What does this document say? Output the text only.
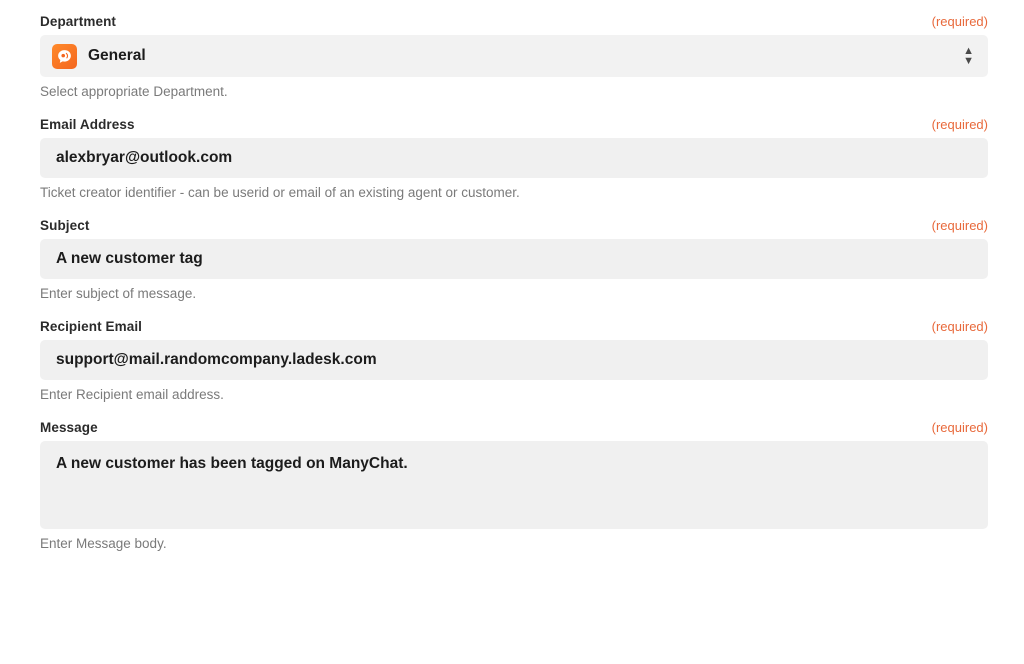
Department	(required)
General	▲
▼
Select appropriate Department.
Email Address	(required)
alexbryar@outlook.com
Ticket creator identifier - can be userid or email of an existing agent or customer.
Subject	(required)
A new customer tag
Enter subject of message.
Recipient Email	(required)
support@mail.randomcompany.ladesk.com
Enter Recipient email address.
Message	(required)
A new customer has been tagged on ManyChat.
Enter Message body.
